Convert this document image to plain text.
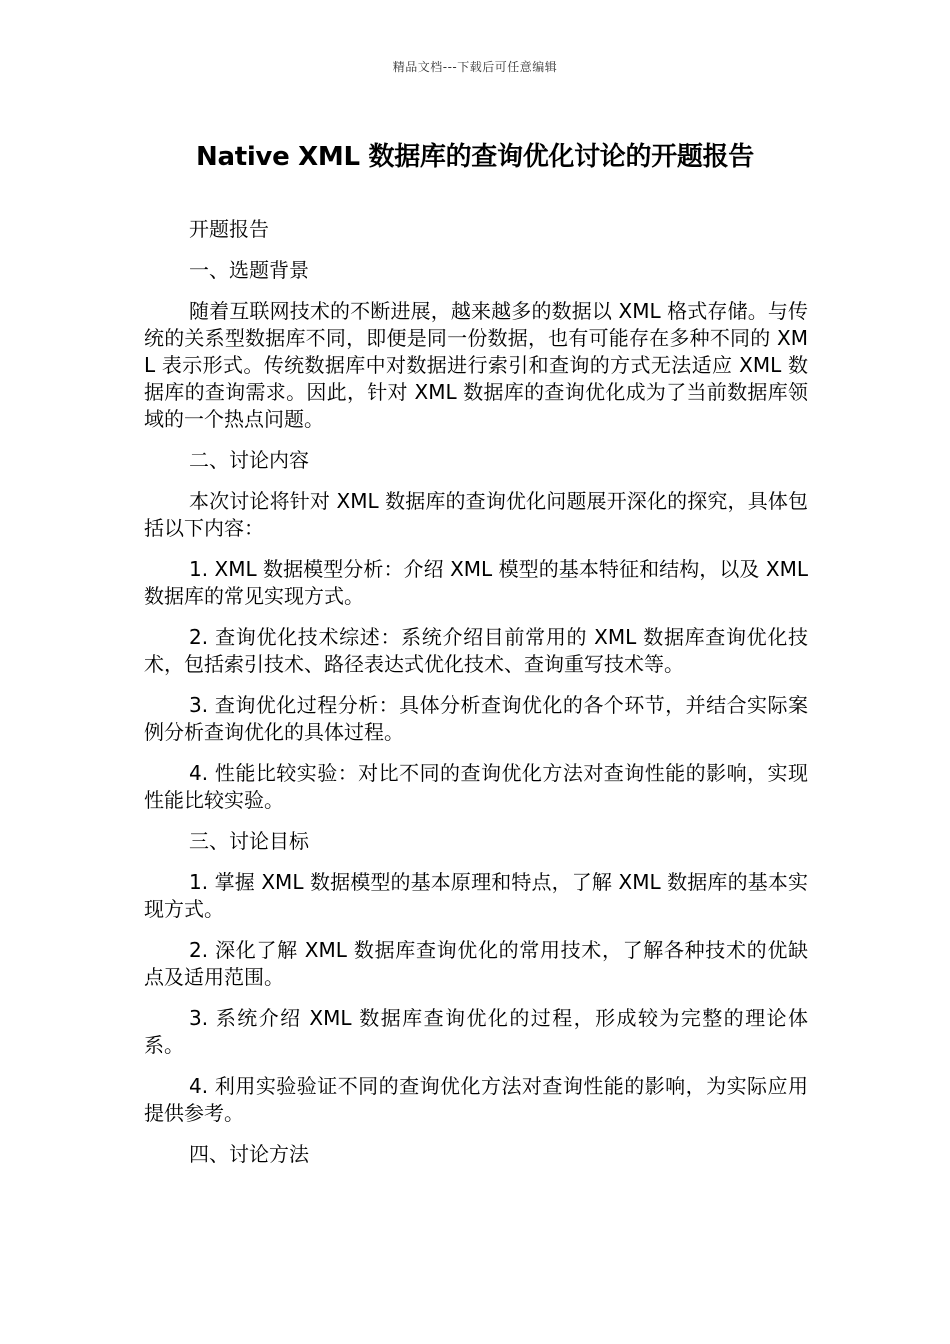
精品文档---下载后可任意编辑
Native XML 数据库的查询优化讨论的开题报告

开题报告

一、选题背景

随着互联网技术的不断进展，越来越多的数据以 XML 格式存储。与传统的关系型数据库不同，即便是同一份数据，也有可能存在多种不同的 XML 表示形式。传统数据库中对数据进行索引和查询的方式无法适应 XML 数据库的查询需求。因此，针对 XML 数据库的查询优化成为了当前数据库领域的一个热点问题。

二、讨论内容

本次讨论将针对 XML 数据库的查询优化问题展开深化的探究，具体包括以下内容：

1. XML 数据模型分析：介绍 XML 模型的基本特征和结构，以及 XML 数据库的常见实现方式。

2. 查询优化技术综述：系统介绍目前常用的 XML 数据库查询优化技术，包括索引技术、路径表达式优化技术、查询重写技术等。

3. 查询优化过程分析：具体分析查询优化的各个环节，并结合实际案例分析查询优化的具体过程。

4. 性能比较实验：对比不同的查询优化方法对查询性能的影响，实现性能比较实验。

三、讨论目标

1. 掌握 XML 数据模型的基本原理和特点，了解 XML 数据库的基本实现方式。

2. 深化了解 XML 数据库查询优化的常用技术，了解各种技术的优缺点及适用范围。

3. 系统介绍 XML 数据库查询优化的过程，形成较为完整的理论体系。

4. 利用实验验证不同的查询优化方法对查询性能的影响，为实际应用提供参考。

四、讨论方法
